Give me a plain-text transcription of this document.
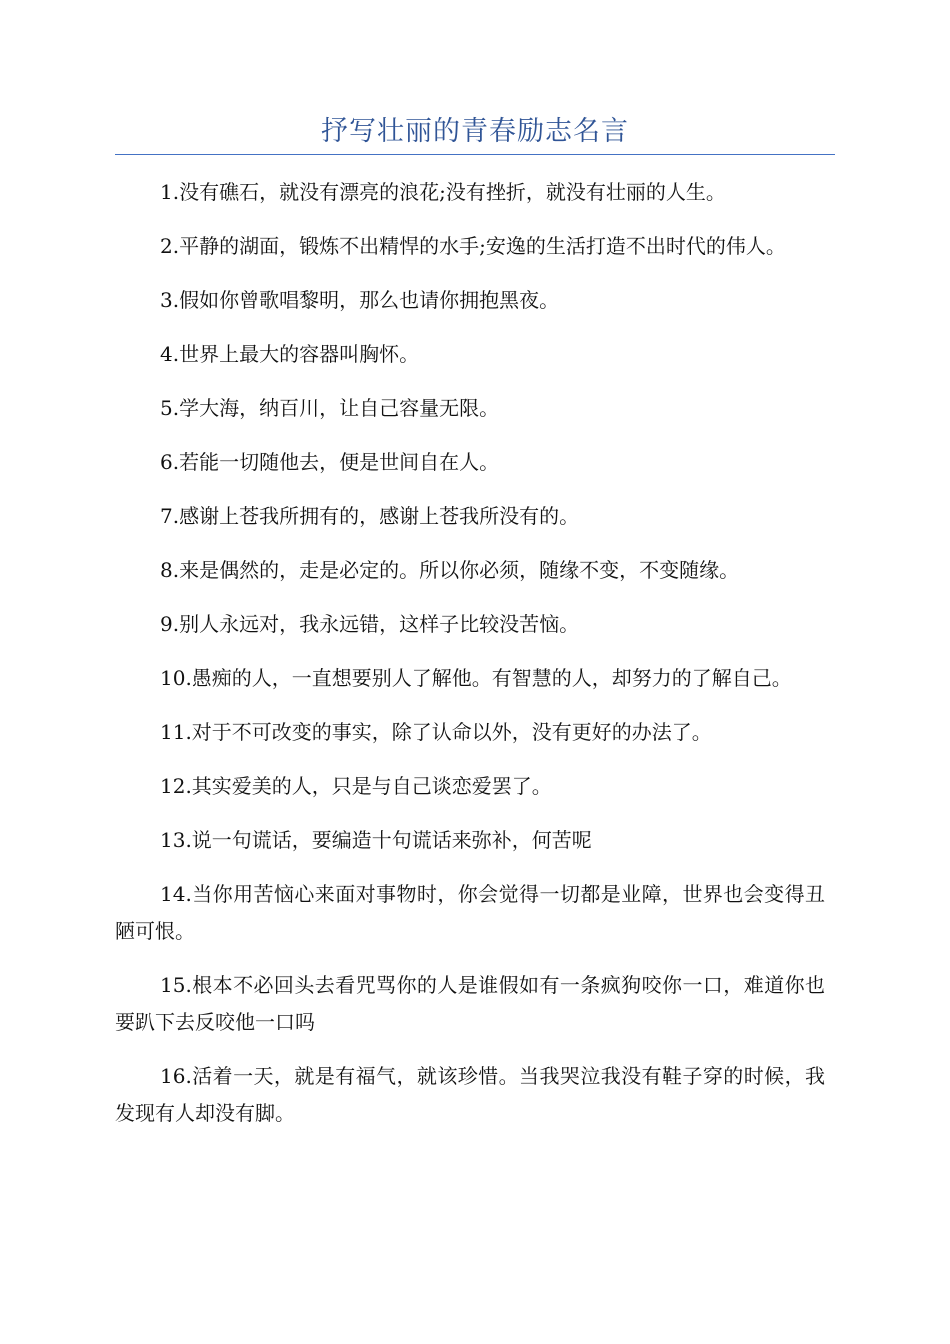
抒写壮丽的青春励志名言

1.没有礁石，就没有漂亮的浪花;没有挫折，就没有壮丽的人生。

2.平静的湖面，锻炼不出精悍的水手;安逸的生活打造不出时代的伟人。

3.假如你曾歌唱黎明，那么也请你拥抱黑夜。

4.世界上最大的容器叫胸怀。

5.学大海，纳百川，让自己容量无限。

6.若能一切随他去，便是世间自在人。

7.感谢上苍我所拥有的，感谢上苍我所没有的。

8.来是偶然的，走是必定的。所以你必须，随缘不变，不变随缘。

9.别人永远对，我永远错，这样子比较没苦恼。

10.愚痴的人，一直想要别人了解他。有智慧的人，却努力的了解自己。

11.对于不可改变的事实，除了认命以外，没有更好的办法了。

12.其实爱美的人，只是与自己谈恋爱罢了。

13.说一句谎话，要编造十句谎话来弥补，何苦呢

14.当你用苦恼心来面对事物时，你会觉得一切都是业障，世界也会变得丑陋可恨。

15.根本不必回头去看咒骂你的人是谁假如有一条疯狗咬你一口，难道你也要趴下去反咬他一口吗

16.活着一天，就是有福气，就该珍惜。当我哭泣我没有鞋子穿的时候，我发现有人却没有脚。
